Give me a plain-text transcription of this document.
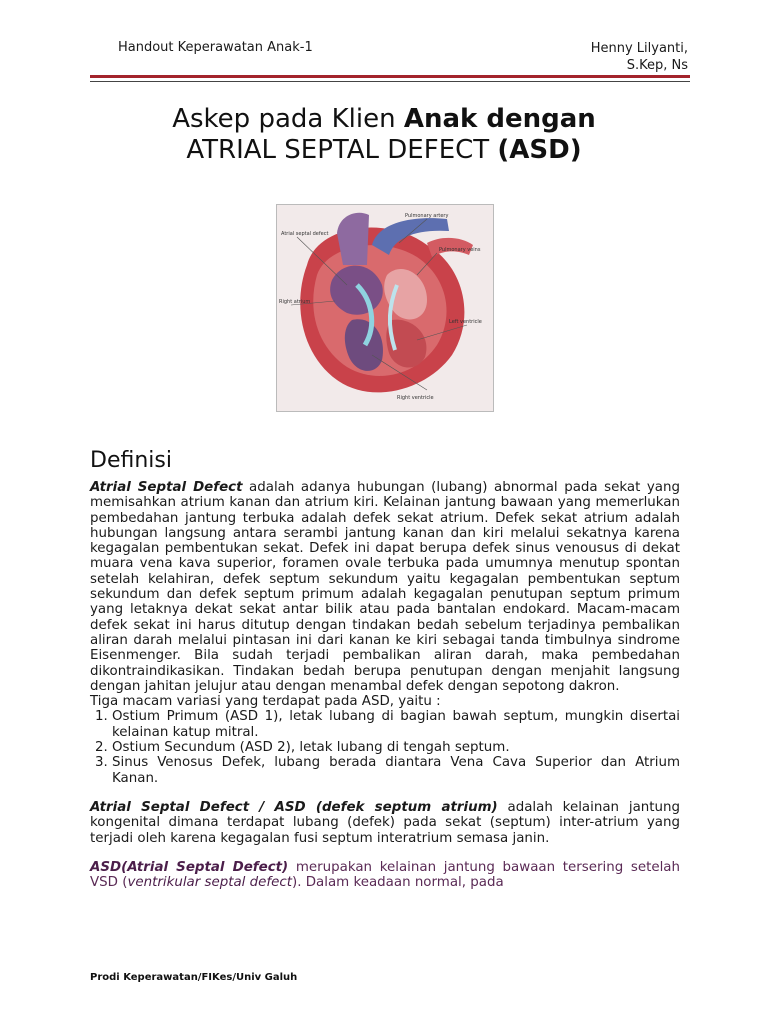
Handout Keperawatan Anak-1	Henny Lilyanti,
S.Kep, Ns
Askep pada Klien Anak dengan
ATRIAL SEPTAL DEFECT (ASD)
Atrial septal defect
Pulmonary artery
Pulmonary veins
Right atrium
Left ventricle
Right ventricle
Definisi

Atrial Septal Defect adalah adanya hubungan (lubang) abnormal pada sekat yang memisahkan atrium kanan dan atrium kiri. Kelainan jantung bawaan yang memerlukan pembedahan jantung terbuka adalah defek sekat atrium. Defek sekat atrium adalah hubungan langsung antara serambi jantung kanan dan kiri melalui sekatnya karena kegagalan pembentukan sekat. Defek ini dapat berupa defek sinus venousus di dekat muara vena kava superior, foramen ovale terbuka pada umumnya menutup spontan setelah kelahiran, defek septum sekundum yaitu kegagalan pembentukan septum sekundum dan defek septum primum adalah kegagalan penutupan septum primum yang letaknya dekat sekat antar bilik atau pada bantalan endokard. Macam-macam defek sekat ini harus ditutup dengan tindakan bedah sebelum terjadinya pembalikan aliran darah melalui pintasan ini dari kanan ke kiri sebagai tanda timbulnya sindrome Eisenmenger. Bila sudah terjadi pembalikan aliran darah, maka pembedahan dikontraindikasikan. Tindakan bedah berupa penutupan dengan menjahit langsung dengan jahitan jelujur atau dengan menambal defek dengan sepotong dakron.

Tiga macam variasi yang terdapat pada ASD, yaitu :

1. Ostium Primum (ASD 1), letak lubang di bagian bawah septum, mungkin disertai kelainan katup mitral.
2. Ostium Secundum (ASD 2), letak lubang di tengah septum.
3. Sinus Venosus Defek, lubang berada diantara Vena Cava Superior dan Atrium Kanan.

Atrial Septal Defect / ASD (defek septum atrium) adalah kelainan jantung kongenital dimana terdapat lubang (defek) pada sekat (septum) inter-atrium yang terjadi oleh karena kegagalan fusi septum interatrium semasa janin.

ASD(Atrial Septal Defect) merupakan kelainan jantung bawaan tersering setelah VSD (ventrikular septal defect). Dalam keadaan normal, pada

Prodi Keperawatan/FIKes/Univ Galuh
